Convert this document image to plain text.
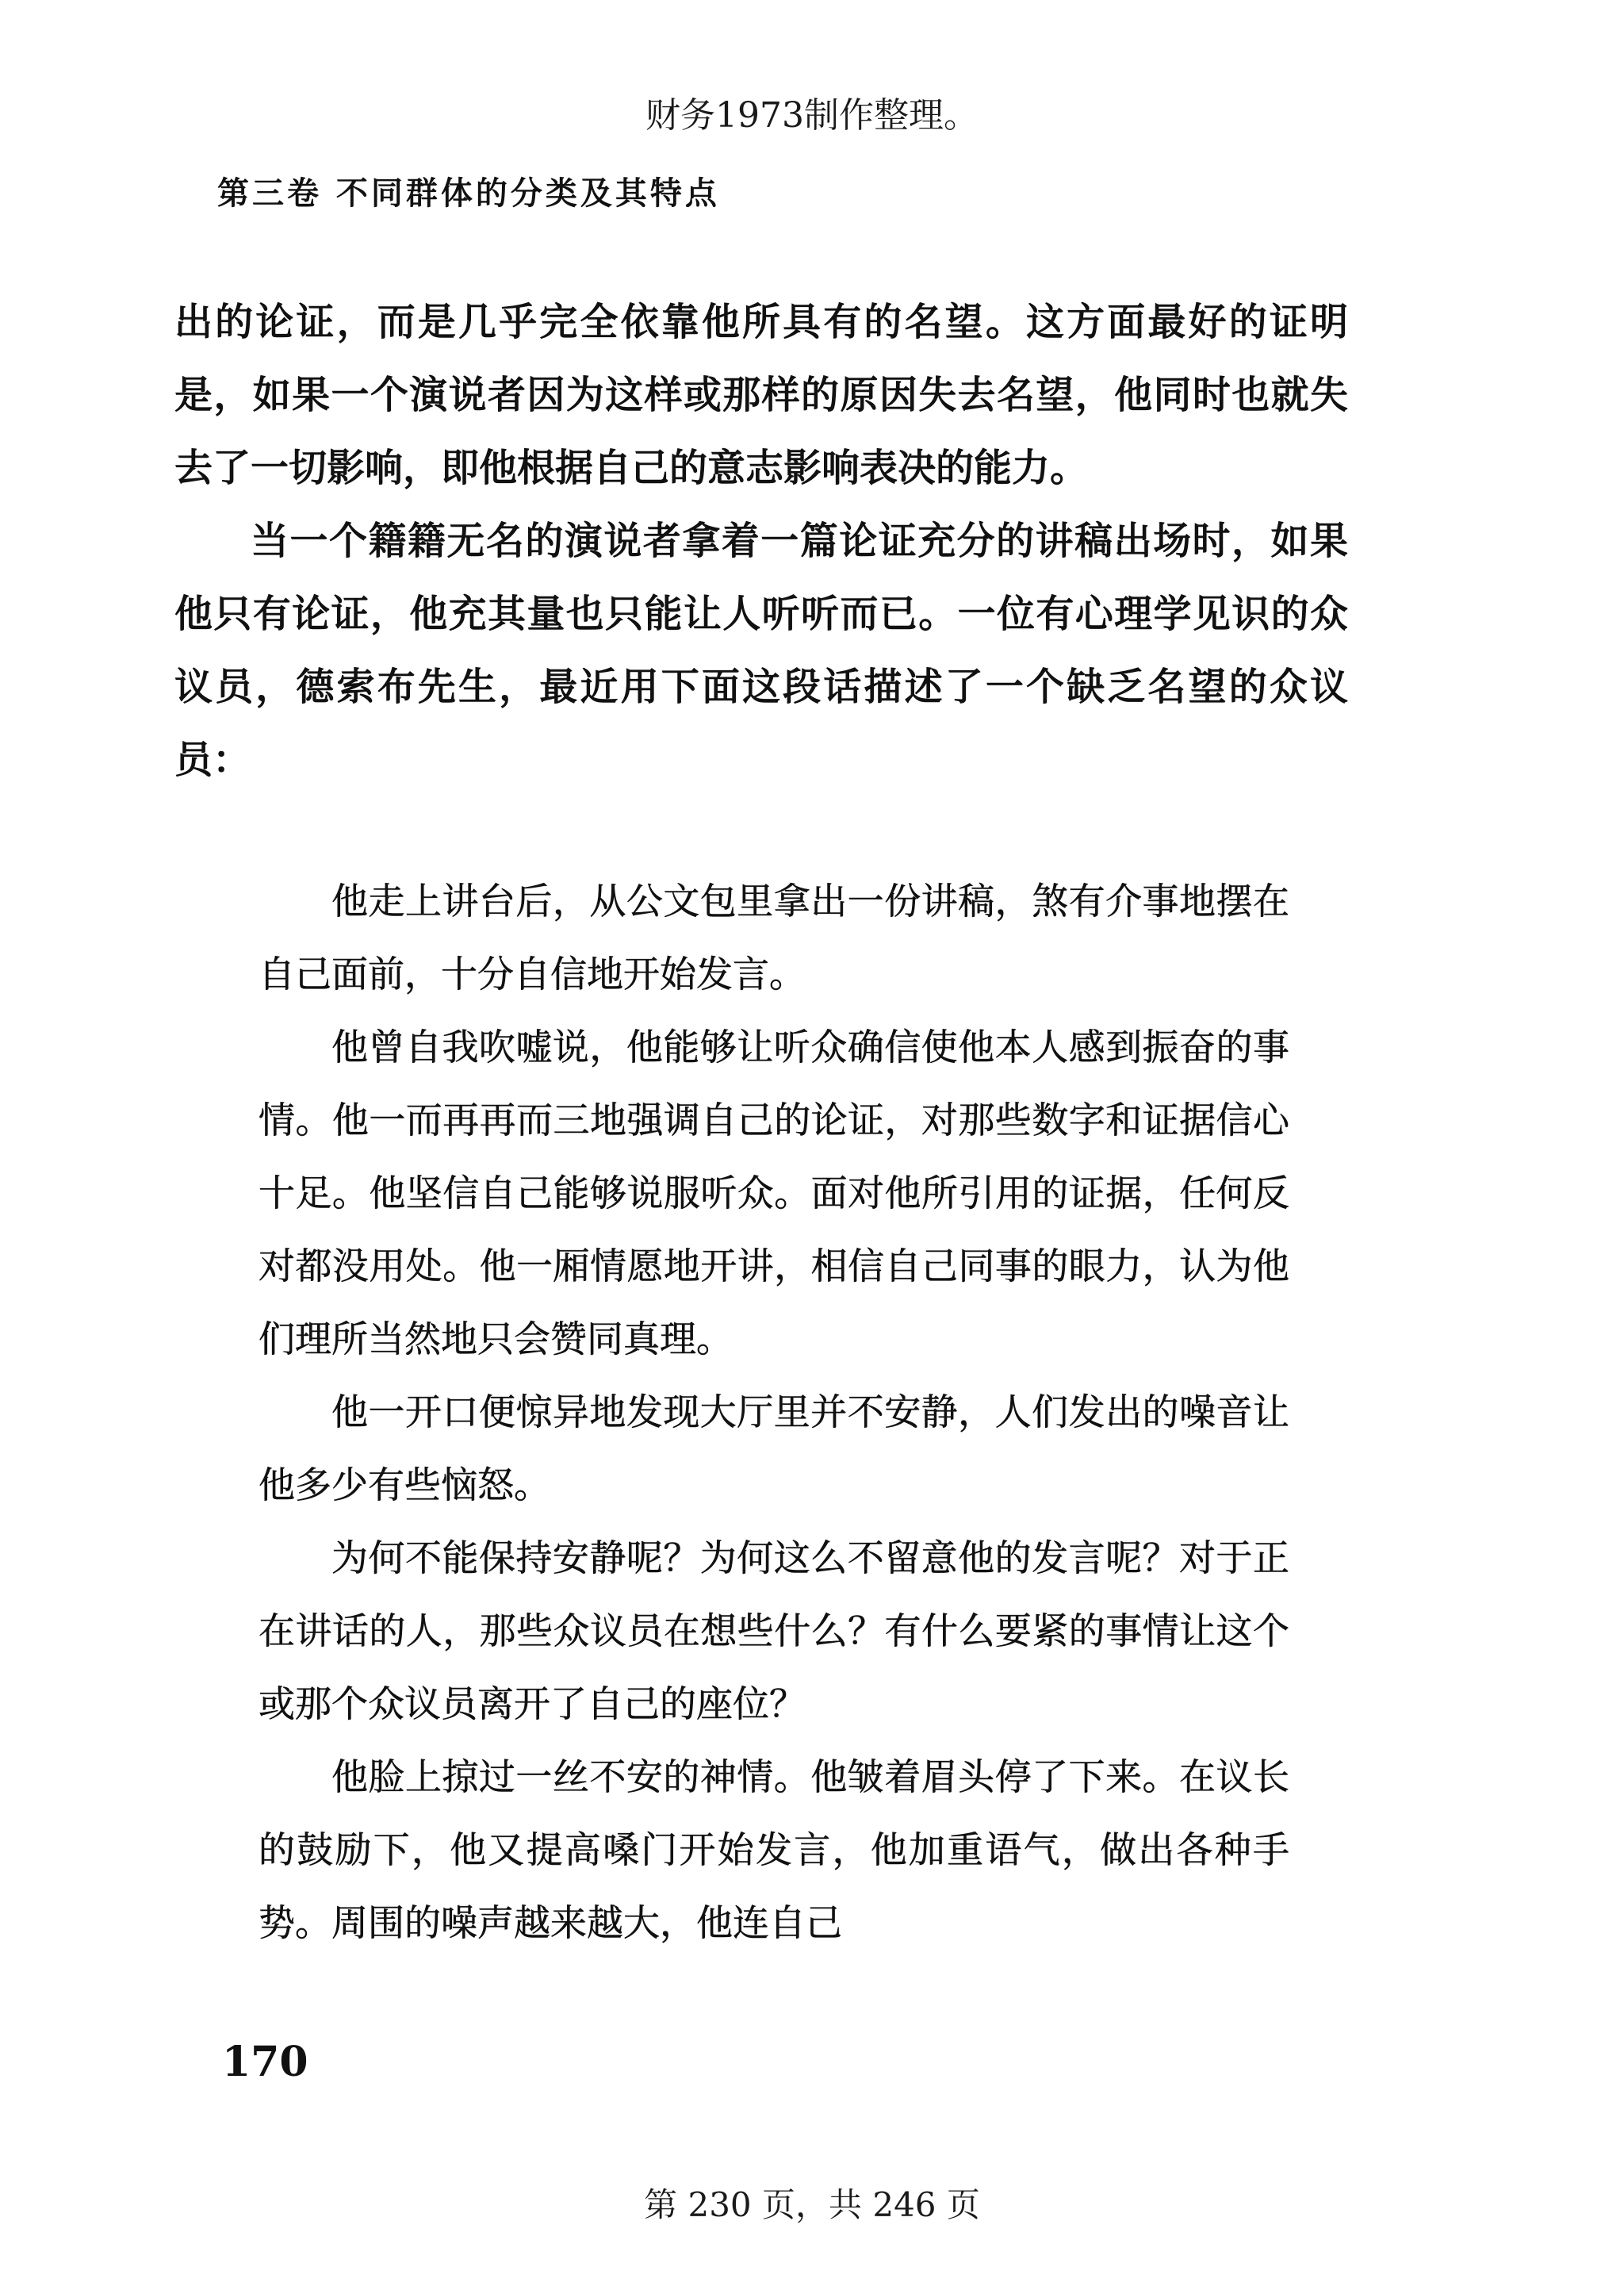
财务1973制作整理。
第三卷 不同群体的分类及其特点

出的论证，而是几乎完全依靠他所具有的名望。这方面最好的证明是，如果一个演说者因为这样或那样的原因失去名望，他同时也就失去了一切影响，即他根据自己的意志影响表决的能力。

当一个籍籍无名的演说者拿着一篇论证充分的讲稿出场时，如果他只有论证，他充其量也只能让人听听而已。一位有心理学见识的众议员，德索布先生，最近用下面这段话描述了一个缺乏名望的众议员：

他走上讲台后，从公文包里拿出一份讲稿，煞有介事地摆在自己面前，十分自信地开始发言。

他曾自我吹嘘说，他能够让听众确信使他本人感到振奋的事情。他一而再再而三地强调自己的论证，对那些数字和证据信心十足。他坚信自己能够说服听众。面对他所引用的证据，任何反对都没用处。他一厢情愿地开讲，相信自己同事的眼力，认为他们理所当然地只会赞同真理。

他一开口便惊异地发现大厅里并不安静，人们发出的噪音让他多少有些恼怒。

为何不能保持安静呢？为何这么不留意他的发言呢？对于正在讲话的人，那些众议员在想些什么？有什么要紧的事情让这个或那个众议员离开了自己的座位？

他脸上掠过一丝不安的神情。他皱着眉头停了下来。在议长的鼓励下，他又提高嗓门开始发言，他加重语气，做出各种手势。周围的噪声越来越大，他连自己

170
第 230 页，共 246 页
